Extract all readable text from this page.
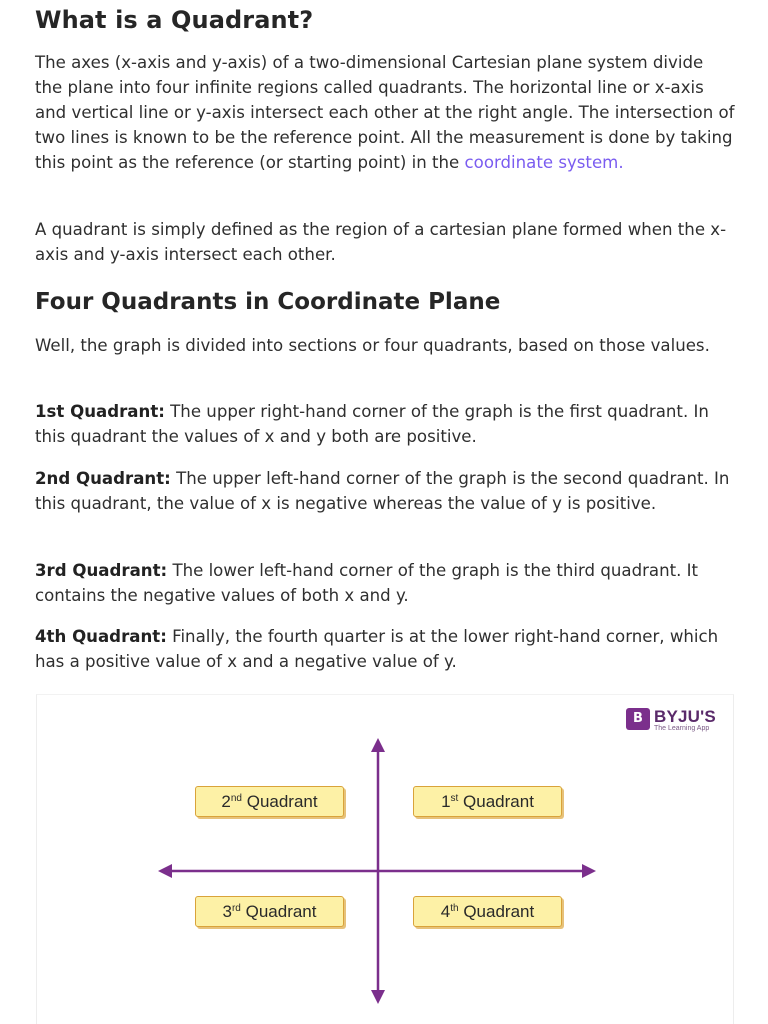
What is a Quadrant?

The axes (x-axis and y-axis) of a two-dimensional Cartesian plane system divide the plane into four infinite regions called quadrants. The horizontal line or x-axis and vertical line or y-axis intersect each other at the right angle. The intersection of two lines is known to be the reference point. All the measurement is done by taking this point as the reference (or starting point) in the coordinate system.

A quadrant is simply defined as the region of a cartesian plane formed when the x-axis and y-axis intersect each other.

Four Quadrants in Coordinate Plane

Well, the graph is divided into sections or four quadrants, based on those values.

1st Quadrant: The upper right-hand corner of the graph is the first quadrant. In this quadrant the values of x and y both are positive.

2nd Quadrant: The upper left-hand corner of the graph is the second quadrant. In this quadrant, the value of x is negative whereas the value of y is positive.

3rd Quadrant: The lower left-hand corner of the graph is the third quadrant. It contains the negative values of both x and y.

4th Quadrant: Finally, the fourth quarter is at the lower right-hand corner, which has a positive value of x and a negative value of y.

B BYJU'S
The Learning App
2nd Quadrant	1st Quadrant
3rd Quadrant	4th Quadrant
